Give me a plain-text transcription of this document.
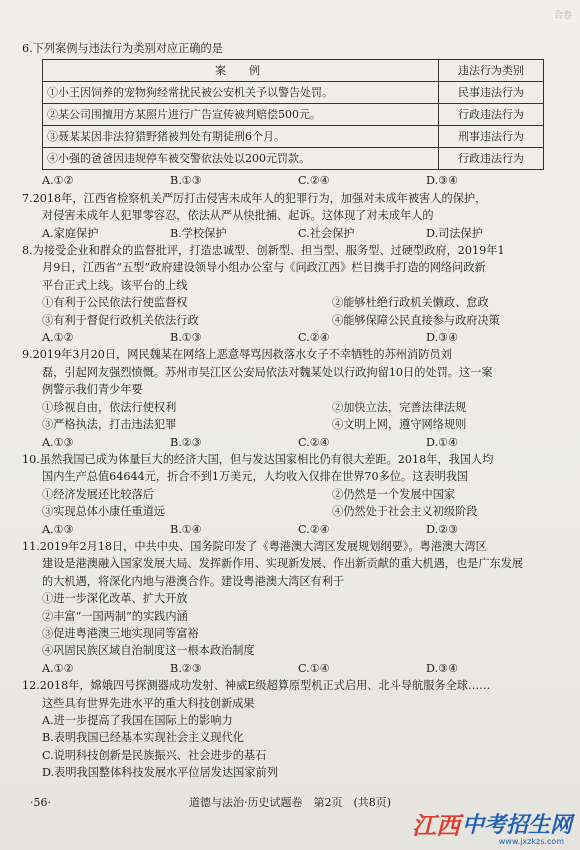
合卷
6.下列案例与违法行为类别对应正确的是
案　例	违法行为类别
①小王因饲养的宠物狗经常扰民被公安机关予以警告处罚。	民事违法行为
②某公司围擅用方某照片进行广告宣传被判赔偿500元。	行政违法行为
③聂某某因非法狩猎野猪被判处有期徒刑6个月。	刑事违法行为
④小强的爸爸因违规停车被交警依法处以200元罚款。	行政违法行为
A.①②	B.①③	C.②④	D.③④
7.2018年，江西省检察机关严厉打击侵害未成年人的犯罪行为，加强对未成年被害人的保护，
对侵害未成年人犯罪零容忍，依法从严从快批捕、起诉。这体现了对未成年人的
A.家庭保护	B.学校保护	C.社会保护	D.司法保护
8.为接受企业和群众的监督批评，打造忠诚型、创新型、担当型、服务型、过硬型政府，2019年1
月9日，江西省“五型”政府建设领导小组办公室与《问政江西》栏目携手打造的网络问政新
平台正式上线。该平台的上线
①有利于公民依法行使监督权	②能够杜绝行政机关懒政、怠政
③有利于督促行政机关依法行政	④能够保障公民直接参与政府决策
A.①②	B.①③	C.②④	D.③④
9.2019年3月20日，网民魏某在网络上恶意辱骂因救落水女子不幸牺牲的苏州消防员刘
磊，引起网友强烈愤慨。苏州市吴江区公安局依法对魏某处以行政拘留10日的处罚。这一案
例警示我们青少年要
①珍视自由，依法行使权利	②加快立法，完善法律法规
③严格执法，打击违法犯罪	④文明上网，遵守网络规则
A.①③	B.②③	C.②④	D.①④
10.虽然我国已成为体量巨大的经济大国，但与发达国家相比仍有很大差距。2018年，我国人均
国内生产总值64644元，折合不到1万美元，人均收入仅排在世界70多位。这表明我国
①经济发展还比较落后	②仍然是一个发展中国家
③实现总体小康任重道远	④仍然处于社会主义初级阶段
A.①③	B.①④	C.②④	D.②③
11.2019年2月18日，中共中央、国务院印发了《粤港澳大湾区发展规划纲要》。粤港澳大湾区
建设是港澳融入国家发展大局、发挥新作用、实现新发展、作出新贡献的重大机遇，也是广东发展
的大机遇，将深化内地与港澳合作。建设粤港澳大湾区有利于
①进一步深化改革、扩大开放
②丰富“一国两制”的实践内涵
③促进粤港澳三地实现同等富裕
④巩固民族区域自治制度这一根本政治制度
A.①②	B.②③	C.①④	D.③④
12.2018年，嫦娥四号探测器成功发射、神威E级超算原型机正式启用、北斗导航服务全球……
这些具有世界先进水平的重大科技创新成果
A.进一步提高了我国在国际上的影响力
B.表明我国已经基本实现社会主义现代化
C.说明科技创新是民族振兴、社会进步的基石
D.表明我国整体科技发展水平位居发达国家前列
·56·	道德与法治·历史试题卷　第2页　(共8页)
江西 中考招生网
www.jxzkzs.com
